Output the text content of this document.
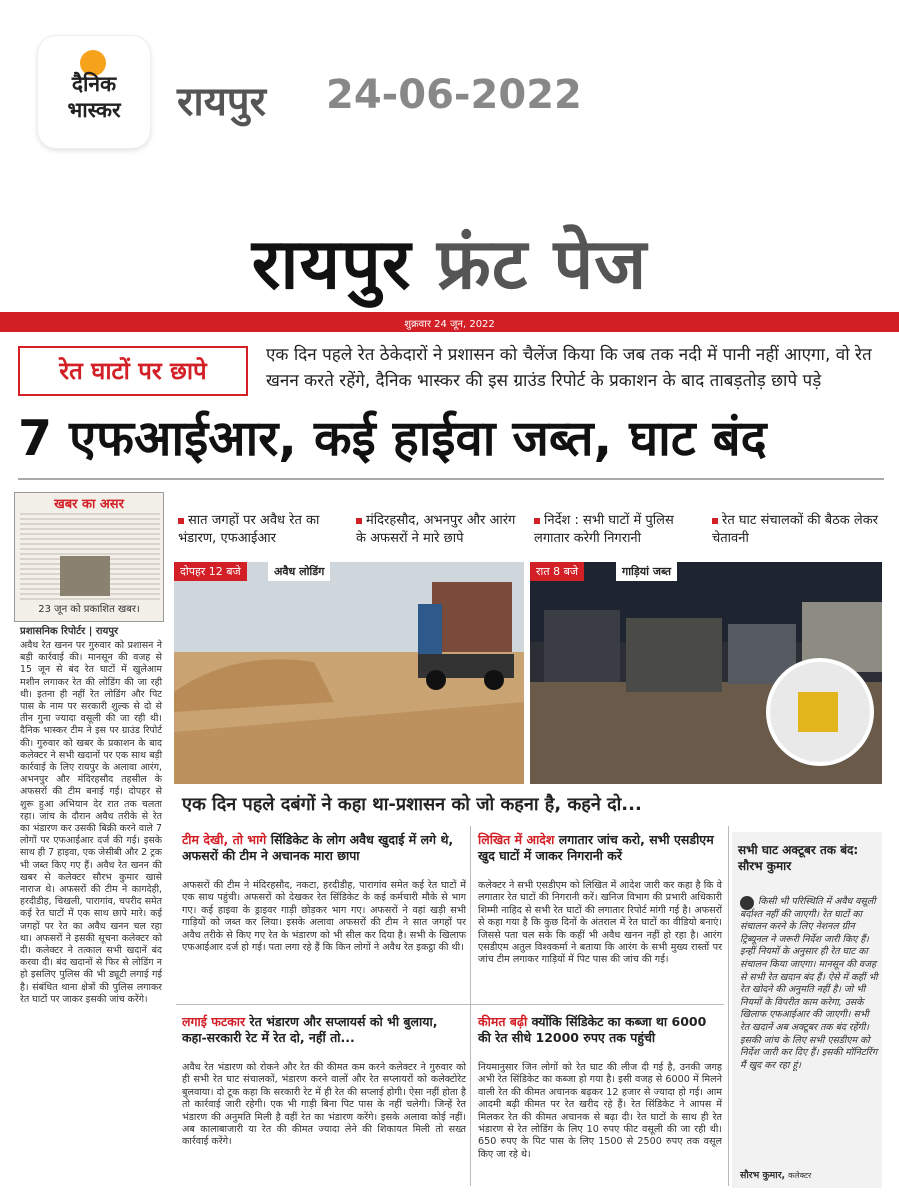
दैनिक
भास्कर	रायपुर 24-06-2022
रायपुर फ्रंट पेज
शुक्रवार 24 जून, 2022
रेत घाटों पर छापे
एक दिन पहले रेत ठेकेदारों ने प्रशासन को चैलेंज किया कि जब तक नदी में पानी नहीं आएगा, वो रेत खनन करते रहेंगे, दैनिक भास्कर की इस ग्राउंड रिपोर्ट के प्रकाशन के बाद ताबड़तोड़ छापे पड़े
7 एफआईआर, कई हाईवा जब्त, घाट बंद
खबर का असर
23 जून को प्रकाशित खबर।
प्रशासनिक रिपोर्टर | रायपुर
अवैध रेत खनन पर गुरुवार को प्रशासन ने बड़ी कार्रवाई की। मानसून की वजह से 15 जून से बंद रेत घाटों में खुलेआम मशीन लगाकर रेत की लोडिंग की जा रही थी। इतना ही नहीं रेत लोडिंग और पिट पास के नाम पर सरकारी शुल्क से दो से तीन गुना ज्यादा वसूली की जा रही थी। दैनिक भास्कर टीम ने इस पर ग्राउंड रिपोर्ट की। गुरुवार को खबर के प्रकाशन के बाद कलेक्टर ने सभी खदानों पर एक साथ बड़ी कार्रवाई के लिए रायपुर के अलावा आरंग, अभनपुर और मंदिरहसौद तहसील के अफसरों की टीम बनाई गई। दोपहर से शुरू हुआ अभियान देर रात तक चलता रहा। जांच के दौरान अवैध तरीके से रेत का भंडारण कर उसकी बिक्री करने वाले 7 लोगों पर एफआईआर दर्ज की गई। इसके साथ ही 7 हाइवा, एक जेसीबी और 2 ट्रक भी जब्त किए गए हैं। अवैध रेत खनन की खबर से कलेक्टर सौरभ कुमार खासे नाराज थे। अफसरों की टीम ने कागदेही, हरदीडीह, चिखली, पारागांव, चपरीद समेत कई रेत घाटों में एक साथ छापे मारे। कई जगहों पर रेत का अवैध खनन चल रहा था। अफसरों ने इसकी सूचना कलेक्टर को दी। कलेक्टर ने तत्काल सभी खदानें बंद करवा दी। बंद खदानों से फिर से लोडिंग न हो इसलिए पुलिस की भी ड्यूटी लगाई गई है। संबंधित थाना क्षेत्रों की पुलिस लगाकर रेत घाटों पर जाकर इसकी जांच करेंगे।
सात जगहों पर अवैध रेत का भंडारण, एफआईआर
मंदिरहसौद, अभनपुर और आरंग के अफसरों ने मारे छापे
निर्देश : सभी घाटों में पुलिस लगातार करेगी निगरानी
रेत घाट संचालकों की बैठक लेकर चेतावनी
दोपहर 12 बजे	अवैध लोडिंग	रात 8 बजे	गाड़ियां जब्त
एक दिन पहले दबंगों ने कहा था-प्रशासन को जो कहना है, कहने दो...
टीम देखी, तो भागे सिंडिकेट के लोग अवैध खुदाई में लगे थे, अफसरों की टीम ने अचानक मारा छापा
अफसरों की टीम ने मंदिरहसौद, नकटा, हरदीडीह, पारागांव समेत कई रेत घाटों में एक साथ पहुंची। अफसरों को देखकर रेत सिंडिकेट के कई कर्मचारी मौके से भाग गए। कई हाइवा के ड्राइवर गाड़ी छोड़कर भाग गए। अफसरों ने वहां खड़ी सभी गाड़ियों को जब्त कर लिया। इसके अलावा अफसरों की टीम ने सात जगहों पर अवैध तरीके से किए गए रेत के भंडारण को भी सील कर दिया है। सभी के खिलाफ एफआईआर दर्ज हो गई। पता लगा रहे हैं कि किन लोगों ने अवैध रेत इकट्ठा की थी।
लिखित में आदेश लगातार जांच करो, सभी एसडीएम खुद घाटों में जाकर निगरानी करें
कलेक्टर ने सभी एसडीएम को लिखित में आदेश जारी कर कहा है कि वे लगातार रेत घाटों की निगरानी करें। खनिज विभाग की प्रभारी अधिकारी शिम्मी नाहिद से सभी रेत घाटों की लगातार रिपोर्ट मांगी गई है। अफसरों से कहा गया है कि कुछ दिनों के अंतराल में रेत घाटों का वीडियो बनाएं। जिससे पता चल सके कि कहीं भी अवैध खनन नहीं हो रहा है। आरंग एसडीएम अतुल विश्वकर्मा ने बताया कि आरंग के सभी मुख्य रास्तों पर जांच टीम लगाकर गाड़ियों में पिट पास की जांच की गई।
लगाई फटकार रेत भंडारण और सप्लायर्स को भी बुलाया, कहा-सरकारी रेट में रेत दो, नहीं तो...
अवैध रेत भंडारण को रोकने और रेत की कीमत कम करने कलेक्टर ने गुरुवार को ही सभी रेत घाट संचालकों, भंडारण करने वालों और रेत सप्लायरों को कलेक्टोरेट बुलवाया। दो टूक कहा कि सरकारी रेट में ही रेत की सप्लाई होगी। ऐसा नहीं होता है तो कार्रवाई जारी रहेगी। एक भी गाड़ी बिना पिट पास के नहीं चलेगी। जिन्हें रेत भंडारण की अनुमति मिली है वहीं रेत का भंडारण करेंगे। इसके अलावा कोई नहीं। अब कालाबाजारी या रेत की कीमत ज्यादा लेने की शिकायत मिली तो सख्त कार्रवाई करेंगे।
कीमत बढ़ी क्योंकि सिंडिकेट का कब्जा था 6000 की रेत सीधे 12000 रुपए तक पहुंची
नियमानुसार जिन लोगों को रेत घाट की लीज दी गई है, उनकी जगह अभी रेत सिंडिकेट का कब्जा हो गया है। इसी वजह से 6000 में मिलने वाली रेत की कीमत अचानक बढ़कर 12 हजार से ज्यादा हो गई। आम आदमी बढ़ी कीमत पर रेत खरीद रहे हैं। रेत सिंडिकेट ने आपस में मिलकर रेत की कीमत अचानक से बढ़ा दी। रेत घाटों के साथ ही रेत भंडारण से रेत लोडिंग के लिए 10 रुपए फीट वसूली की जा रही थी। 650 रुपए के पिट पास के लिए 1500 से 2500 रुपए तक वसूल किए जा रहे थे।
सभी घाट अक्टूबर तक बंद: सौरभ कुमार
किसी भी परिस्थिति में अवैध वसूली बर्दाश्त नहीं की जाएगी। रेत घाटों का संचालन करने के लिए नेशनल ग्रीन ट्रिब्यूनल ने जरूरी निर्देश जारी किए हैं। इन्हीं नियमों के अनुसार ही रेत घाट का संचालन किया जाएगा। मानसून की वजह से सभी रेत खदान बंद हैं। ऐसे में कहीं भी रेत खोदने की अनुमति नहीं है। जो भी नियमों के विपरीत काम करेगा, उसके खिलाफ एफआईआर की जाएगी। सभी रेत खदानें अब अक्टूबर तक बंद रहेंगी। इसकी जांच के लिए सभी एसडीएम को निर्देश जारी कर दिए हैं। इसकी मॉनिटरिंग मैं खुद कर रहा हूं।
सौरभ कुमार, कलेक्टर
